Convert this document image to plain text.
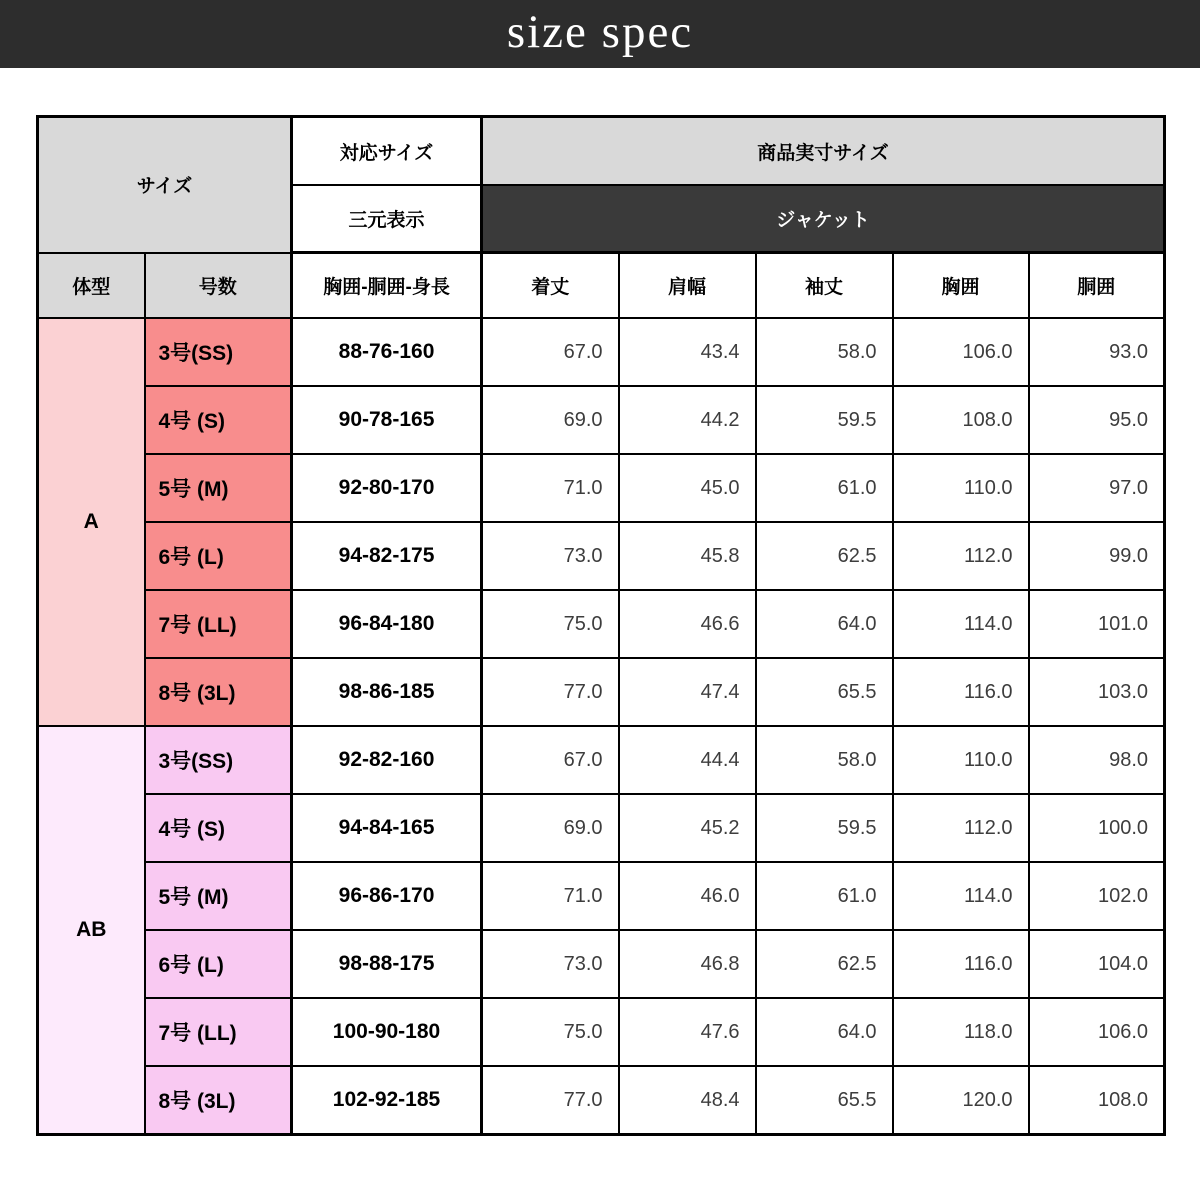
size spec
サイズ		対応サイズ	商品実寸サイズ				
		三元表示	ジャケット				
体型	号数	胸囲-胴囲-身長	着丈	肩幅	袖丈	胸囲	胴囲
A	3号(SS)	88-76-160	67.0	43.4	58.0	106.0	93.0
	4号 (S)	90-78-165	69.0	44.2	59.5	108.0	95.0
	5号 (M)	92-80-170	71.0	45.0	61.0	110.0	97.0
	6号 (L)	94-82-175	73.0	45.8	62.5	112.0	99.0
	7号 (LL)	96-84-180	75.0	46.6	64.0	114.0	101.0
	8号 (3L)	98-86-185	77.0	47.4	65.5	116.0	103.0
AB	3号(SS)	92-82-160	67.0	44.4	58.0	110.0	98.0
	4号 (S)	94-84-165	69.0	45.2	59.5	112.0	100.0
	5号 (M)	96-86-170	71.0	46.0	61.0	114.0	102.0
	6号 (L)	98-88-175	73.0	46.8	62.5	116.0	104.0
	7号 (LL)	100-90-180	75.0	47.6	64.0	118.0	106.0
	8号 (3L)	102-92-185	77.0	48.4	65.5	120.0	108.0
